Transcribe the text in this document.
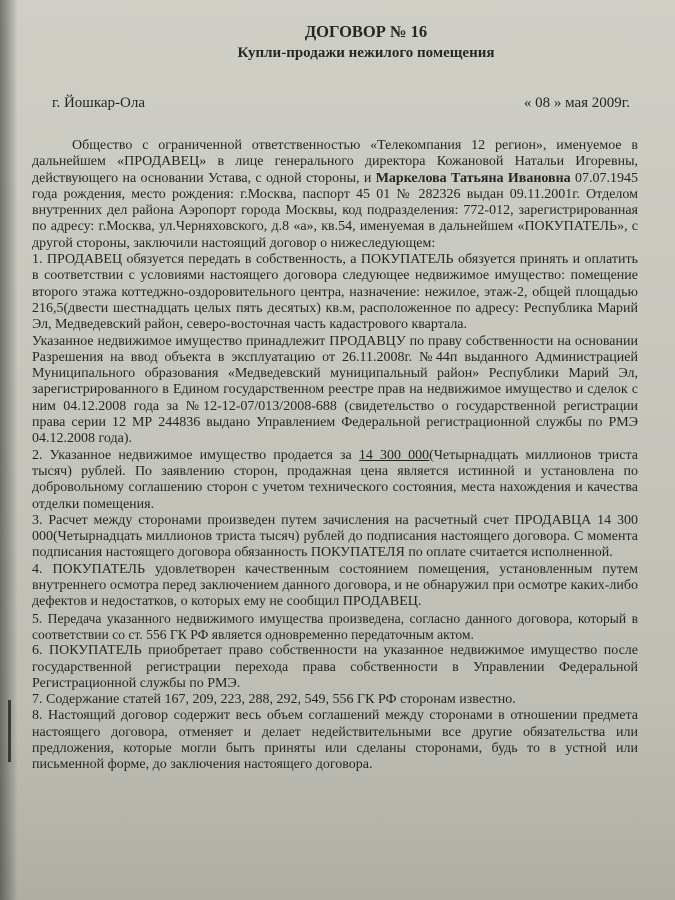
ДОГОВОР № 16

Купли-продажи нежилого помещения

г. Йошкар-Ола	« 08 » мая 2009г.

Общество с ограниченной ответственностью «Телекомпания 12 регион», именуемое в дальнейшем «ПРОДАВЕЦ» в лице генерального директора Кожановой Натальи Игоревны, действующего на основании Устава, с одной стороны, и Маркелова Татьяна Ивановна 07.07.1945 года рождения, место рождения: г.Москва, паспорт 45 01 № 282326 выдан 09.11.2001г. Отделом внутренних дел района Аэропорт города Москвы, код подразделения: 772-012, зарегистрированная по адресу: г.Москва, ул.Черняховского, д.8 «а», кв.54, именуемая в дальнейшем «ПОКУПАТЕЛЬ», с другой стороны, заключили настоящий договор о нижеследующем:

1. ПРОДАВЕЦ обязуется передать в собственность, а ПОКУПАТЕЛЬ обязуется принять и оплатить в соответствии с условиями настоящего договора следующее недвижимое имущество: помещение второго этажа коттеджно-оздоровительного центра, назначение: нежилое, этаж-2, общей площадью 216,5(двести шестнадцать целых пять десятых) кв.м, расположенное по адресу: Республика Марий Эл, Медведевский район, северо-восточная часть кадастрового квартала.

Указанное недвижимое имущество принадлежит ПРОДАВЦУ по праву собственности на основании Разрешения на ввод объекта в эксплуатацию от 26.11.2008г. №44п выданного Администрацией Муниципального образования «Медведевский муниципальный район» Республики Марий Эл, зарегистрированного в Едином государственном реестре прав на недвижимое имущество и сделок с ним 04.12.2008 года за №12-12-07/013/2008-688 (свидетельство о государственной регистрации права серии 12 МР 244836 выдано Управлением Федеральной регистрационной службы по РМЭ 04.12.2008 года).

2. Указанное недвижимое имущество продается за 14 300 000(Четырнадцать миллионов триста тысяч) рублей. По заявлению сторон, продажная цена является истинной и установлена по добровольному соглашению сторон с учетом технического состояния, места нахождения и качества отделки помещения.

3. Расчет между сторонами произведен путем зачисления на расчетный счет ПРОДАВЦА 14 300 000(Четырнадцать миллионов триста тысяч) рублей до подписания настоящего договора. С момента подписания настоящего договора обязанность ПОКУПАТЕЛЯ по оплате считается исполненной.

4. ПОКУПАТЕЛЬ удовлетворен качественным состоянием помещения, установленным путем внутреннего осмотра перед заключением данного договора, и не обнаружил при осмотре каких-либо дефектов и недостатков, о которых ему не сообщил ПРОДАВЕЦ.

5. Передача указанного недвижимого имущества произведена, согласно данного договора, который в соответствии со ст. 556 ГК РФ является одновременно передаточным актом.

6. ПОКУПАТЕЛЬ приобретает право собственности на указанное недвижимое имущество после государственной регистрации перехода права собственности в Управлении Федеральной Регистрационной службы по РМЭ.

7. Содержание статей 167, 209, 223, 288, 292, 549, 556 ГК РФ сторонам известно.

8. Настоящий договор содержит весь объем соглашений между сторонами в отношении предмета настоящего договора, отменяет и делает недействительными все другие обязательства или предложения, которые могли быть приняты или сделаны сторонами, будь то в устной или письменной форме, до заключения настоящего договора.
